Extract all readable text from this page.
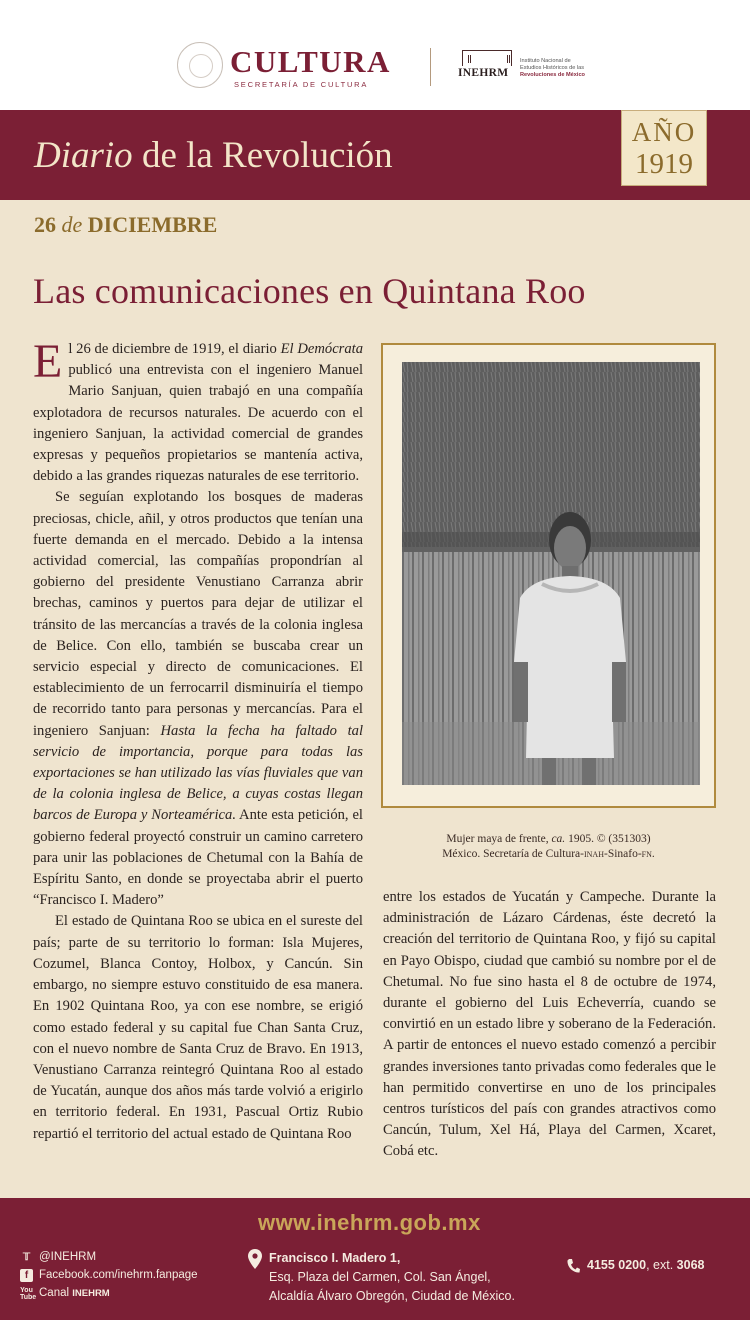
CULTURA
SECRETARÍA DE CULTURA
INEHRM
Instituto Nacional de
Estudios Históricos de las
Revoluciones de México
Diario de la Revolución
AÑO
1919
26 de DICIEMBRE
Las comunicaciones en Quintana Roo

El 26 de diciembre de 1919, el diario El Demócrata publicó una entrevista con el ingeniero Manuel Mario Sanjuan, quien trabajó en una compañía explotadora de recursos naturales. De acuerdo con el ingeniero Sanjuan, la actividad comercial de grandes expresas y pequeños propietarios se mantenía activa, debido a las grandes riquezas naturales de ese territorio.

Se seguían explotando los bosques de maderas preciosas, chicle, añil, y otros productos que tenían una fuerte demanda en el mercado. Debido a la intensa actividad comercial, las compañías propondrían al gobierno del presidente Venustiano Carranza abrir brechas, caminos y puertos para dejar de utilizar el tránsito de las mercancías a través de la colonia inglesa de Belice. Con ello, también se buscaba crear un servicio especial y directo de comunicaciones. El establecimiento de un ferrocarril disminuiría el tiempo de recorrido tanto para personas y mercancías. Para el ingeniero Sanjuan: Hasta la fecha ha faltado tal servicio de importancia, porque para todas las exportaciones se han utilizado las vías fluviales que van de la colonia inglesa de Belice, a cuyas costas llegan barcos de Europa y Norteamérica. Ante esta petición, el gobierno federal proyectó construir un camino carretero para unir las poblaciones de Chetumal con la Bahía de Espíritu Santo, en donde se proyectaba abrir el puerto “Francisco I. Madero”

El estado de Quintana Roo se ubica en el sureste del país; parte de su territorio lo forman: Isla Mujeres, Cozumel, Blanca Contoy, Holbox, y Cancún. Sin embargo, no siempre estuvo constituido de esa manera. En 1902 Quintana Roo, ya con ese nombre, se erigió como estado federal y su capital fue Chan Santa Cruz, con el nuevo nombre de Santa Cruz de Bravo. En 1913, Venustiano Carranza reintegró Quintana Roo al estado de Yucatán, aunque dos años más tarde volvió a erigirlo en territorio federal. En 1931, Pascual Ortiz Rubio repartió el territorio del actual estado de Quintana Roo

Mujer maya de frente, ca. 1905. © (351303)
México. Secretaría de Cultura-inah-Sinafo-fn.

entre los estados de Yucatán y Campeche. Durante la administración de Lázaro Cárdenas, éste decretó la creación del territorio de Quintana Roo, y fijó su capital en Payo Obispo, ciudad que cambió su nombre por el de Chetumal. No fue sino hasta el 8 de octubre de 1974, durante el gobierno del Luis Echeverría, cuando se convirtió en un estado libre y soberano de la Federación. A partir de entonces el nuevo estado comenzó a percibir grandes inversiones tanto privadas como federales que le han permitido convertirse en uno de los principales centros turísticos del país con grandes atractivos como Cancún, Tulum, Xel Há, Playa del Carmen, Xcaret, Cobá etc.

www.inehrm.gob.mx
𝕋 @INEHRM
f Facebook.com/inehrm.fanpage
You
Tube Canal INEHRM
Francisco I. Madero 1,
Esq. Plaza del Carmen, Col. San Ángel,
Alcaldía Álvaro Obregón, Ciudad de México.
4155 0200, ext. 3068
